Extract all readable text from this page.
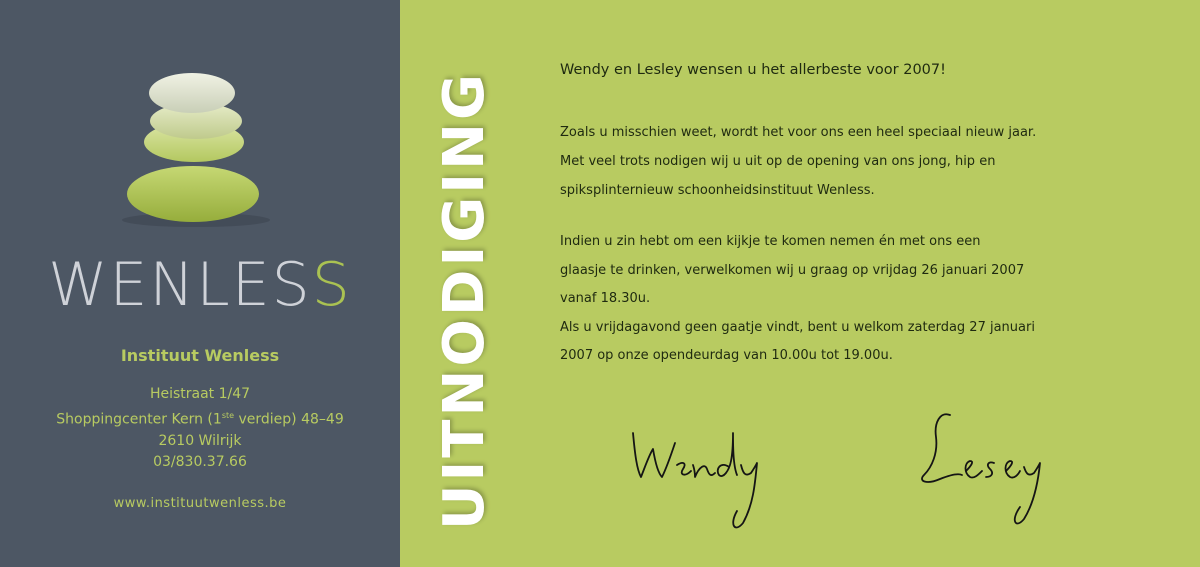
WENLESS
Instituut Wenless
Heistraat 1/47
Shoppingcenter Kern (1ste verdiep) 48–49
2610 Wilrijk
03/830.37.66
www.instituutwenless.be	UITNODIGING
Wendy en Lesley wensen u het allerbeste voor 2007!
Zoals u misschien weet, wordt het voor ons een heel speciaal nieuw jaar.
Met veel trots nodigen wij u uit op de opening van ons jong, hip en
spiksplinternieuw schoonheidsinstituut Wenless.
Indien u zin hebt om een kijkje te komen nemen én met ons een
glaasje te drinken, verwelkomen wij u graag op vrijdag 26 januari 2007
vanaf 18.30u.
Als u vrijdagavond geen gaatje vindt, bent u welkom zaterdag 27 januari
2007 op onze opendeurdag van 10.00u tot 19.00u.
